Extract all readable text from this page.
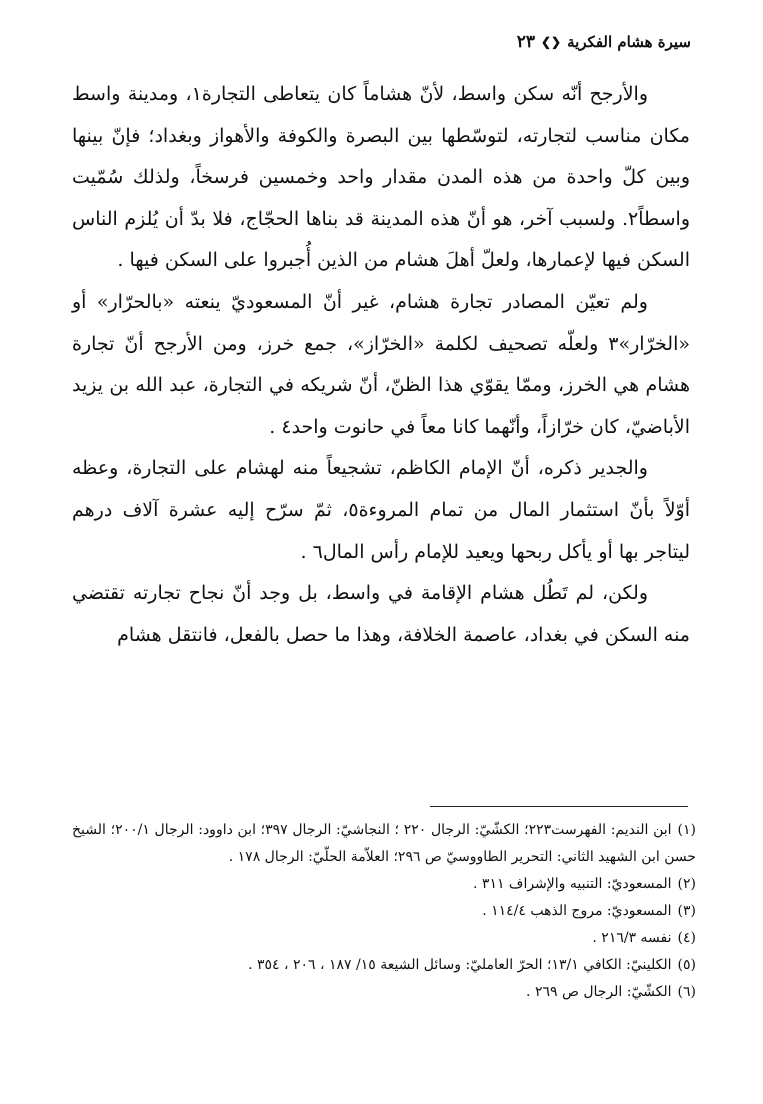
سيرة هشام الفكرية
❮❯
٢٣

والأرجح أنّه سكن واسط، لأنّ هشاماً كان يتعاطى التجارة١، ومدينة واسط مكان مناسب لتجارته، لتوسّطها بين البصرة والكوفة والأهواز وبغداد؛ فإنّ بينها وبين كلّ واحدة من هذه المدن مقدار واحد وخمسين فرسخاً، ولذلك سُمّيت واسطاً٢. ولسبب آخر، هو أنّ هذه المدينة قد بناها الحجّاج، فلا بدّ أن يُلزم الناس السكن فيها لإعمارها، ولعلّ أهلَ هشام من الذين أُجبروا على السكن فيها .

ولم تعيّن المصادر تجارة هشام، غير أنّ المسعوديّ ينعته «بالحرّار» أو «الخرّار»٣ ولعلّه تصحيف لكلمة «الخرّاز»، جمع خرز، ومن الأرجح أنّ تجارة هشام هي الخرز، وممّا يقوّي هذا الظنّ، أنّ شريكه في التجارة، عبد الله بن يزيد الأباضيّ، كان خرّازاً، وأنّهما كانا معاً في حانوت واحد٤ .

والجدير ذكره، أنّ الإمام الكاظم، تشجيعاً منه لهشام على التجارة، وعظه أوّلاً بأنّ استثمار المال من تمام المروءة٥، ثمّ سرّح إليه عشرة آلاف درهم ليتاجر بها أو يأكل ربحها ويعيد للإمام رأس المال٦ .

ولكن، لم تَطُل هشام الإقامة في واسط، بل وجد أنّ نجاح تجارته تقتضي منه السكن في بغداد، عاصمة الخلافة، وهذا ما حصل بالفعل، فانتقل هشام

(١)ابن النديم: الفهرست٢٢٣؛ الكشّيّ: الرجال ٢٢٠ ؛ النجاشيّ: الرجال ٣٩٧؛ ابن داوود: الرجال ٢٠٠/١؛ الشيخ حسن ابن الشهيد الثاني: التحرير الطاووسيّ ص ٢٩٦؛ العلاّمة الحلّيّ: الرجال ١٧٨ .

(٢)المسعوديّ: التنبيه والإشراف ٣١١ .

(٣)المسعوديّ: مروج الذهب ١١٤/٤ .

(٤)نفسه ٢١٦/٣ .

(٥)الكلينيّ: الكافي ١٣/١؛ الحرّ العامليّ: وسائل الشيعة ١٥/ ١٨٧ ، ٢٠٦ ، ٣٥٤ .

(٦)الكشّيّ: الرجال ص ٢٦٩ .
